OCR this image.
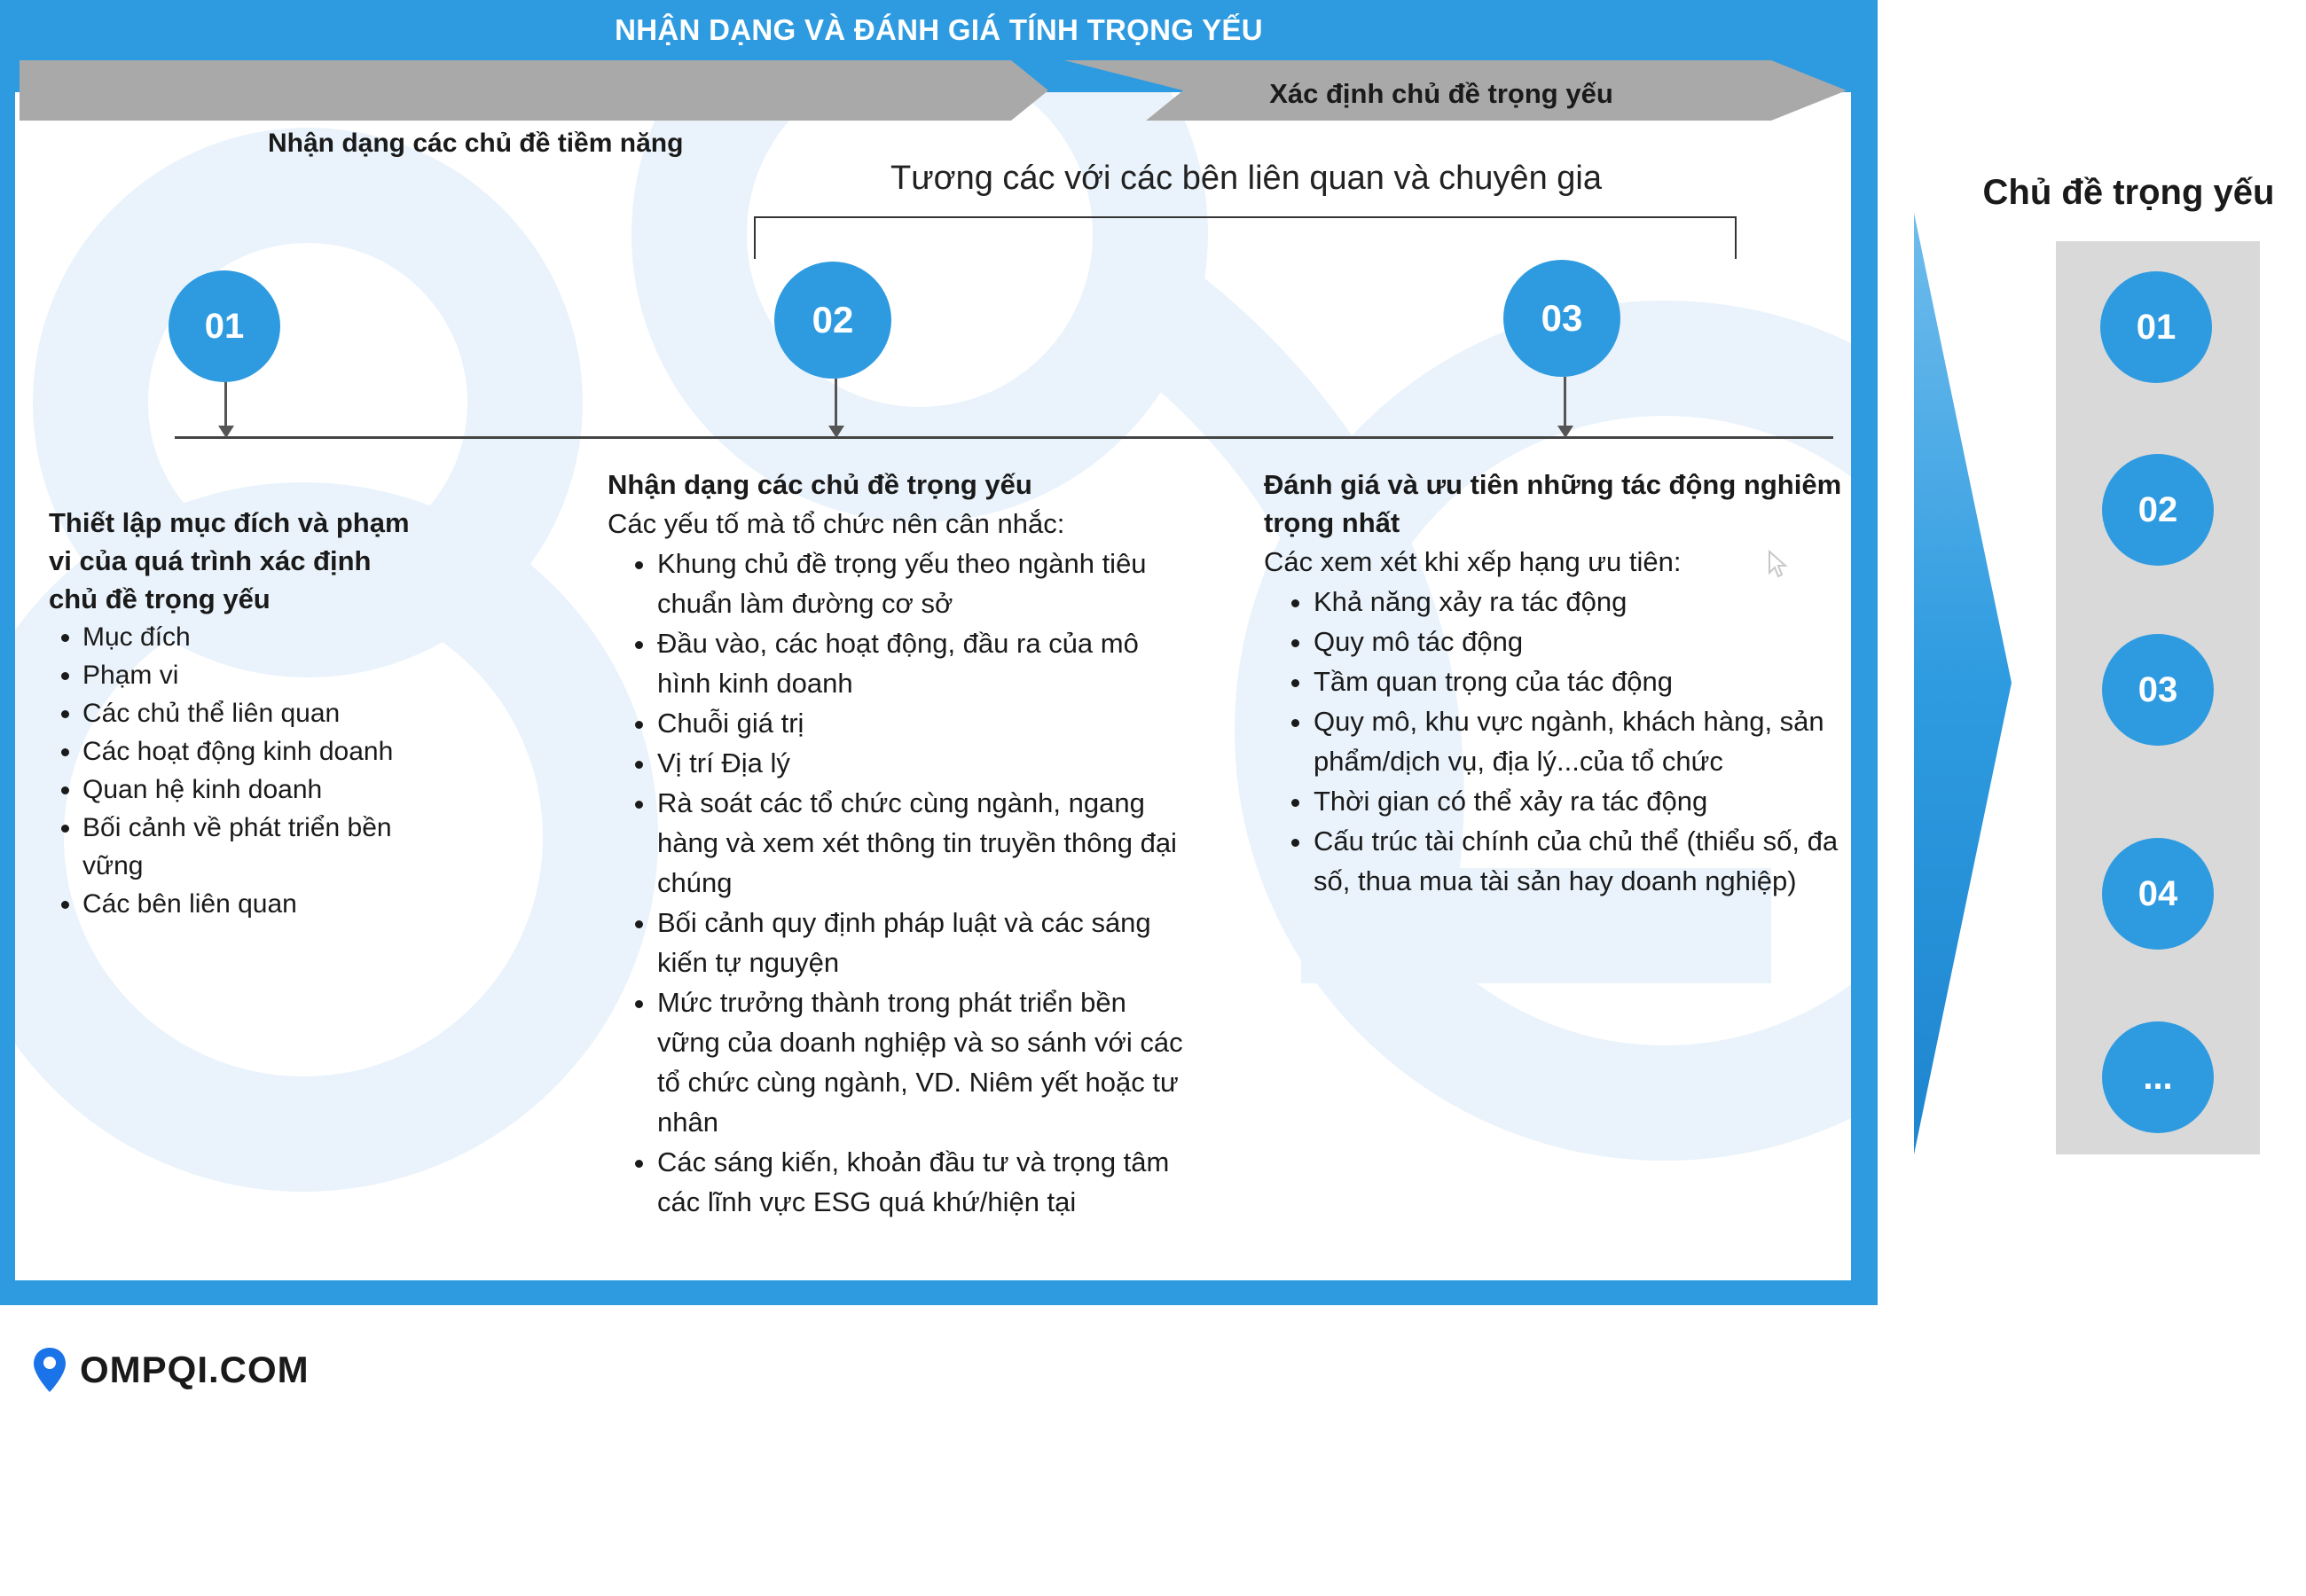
NHẬN DẠNG VÀ ĐÁNH GIÁ TÍNH TRỌNG YẾU
Xác định chủ đề trọng yếu
Nhận dạng các chủ đề tiềm năng
Tương các với các bên liên quan và chuyên gia
01	02	03
Thiết lập mục đích và phạm vi của quá trình xác định chủ đề trọng yếu
• Mục đích
• Phạm vi
• Các chủ thể liên quan
• Các hoạt động kinh doanh
• Quan hệ kinh doanh
• Bối cảnh về phát triển bền vững
• Các bên liên quan
Nhận dạng các chủ đề trọng yếu

Các yếu tố mà tổ chức nên cân nhắc:

• Khung chủ đề trọng yếu theo ngành tiêu chuẩn làm đường cơ sở
• Đầu vào, các hoạt động, đầu ra của mô hình kinh doanh
• Chuỗi giá trị
• Vị trí Địa lý
• Rà soát các tổ chức cùng ngành, ngang hàng và xem xét thông tin truyền thông đại chúng
• Bối cảnh quy định pháp luật và các sáng kiến tự nguyện
• Mức trưởng thành trong phát triển bền vững của doanh nghiệp và so sánh với các tổ chức cùng ngành, VD. Niêm yết hoặc tư nhân
• Các sáng kiến, khoản đầu tư và trọng tâm các lĩnh vực ESG quá khứ/hiện tại
Đánh giá và ưu tiên những tác động nghiêm trọng nhất

Các xem xét khi xếp hạng ưu tiên:

• Khả năng xảy ra tác động
• Quy mô tác động
• Tầm quan trọng của tác động
• Quy mô, khu vực ngành, khách hàng, sản phẩm/dịch vụ, địa lý...của tổ chức
• Thời gian có thể xảy ra tác động
• Cấu trúc tài chính của chủ thể (thiểu số, đa số, thua mua tài sản hay doanh nghiệp)
Chủ đề trọng yếu
01
02
03
04
...
OMPQI.COM
